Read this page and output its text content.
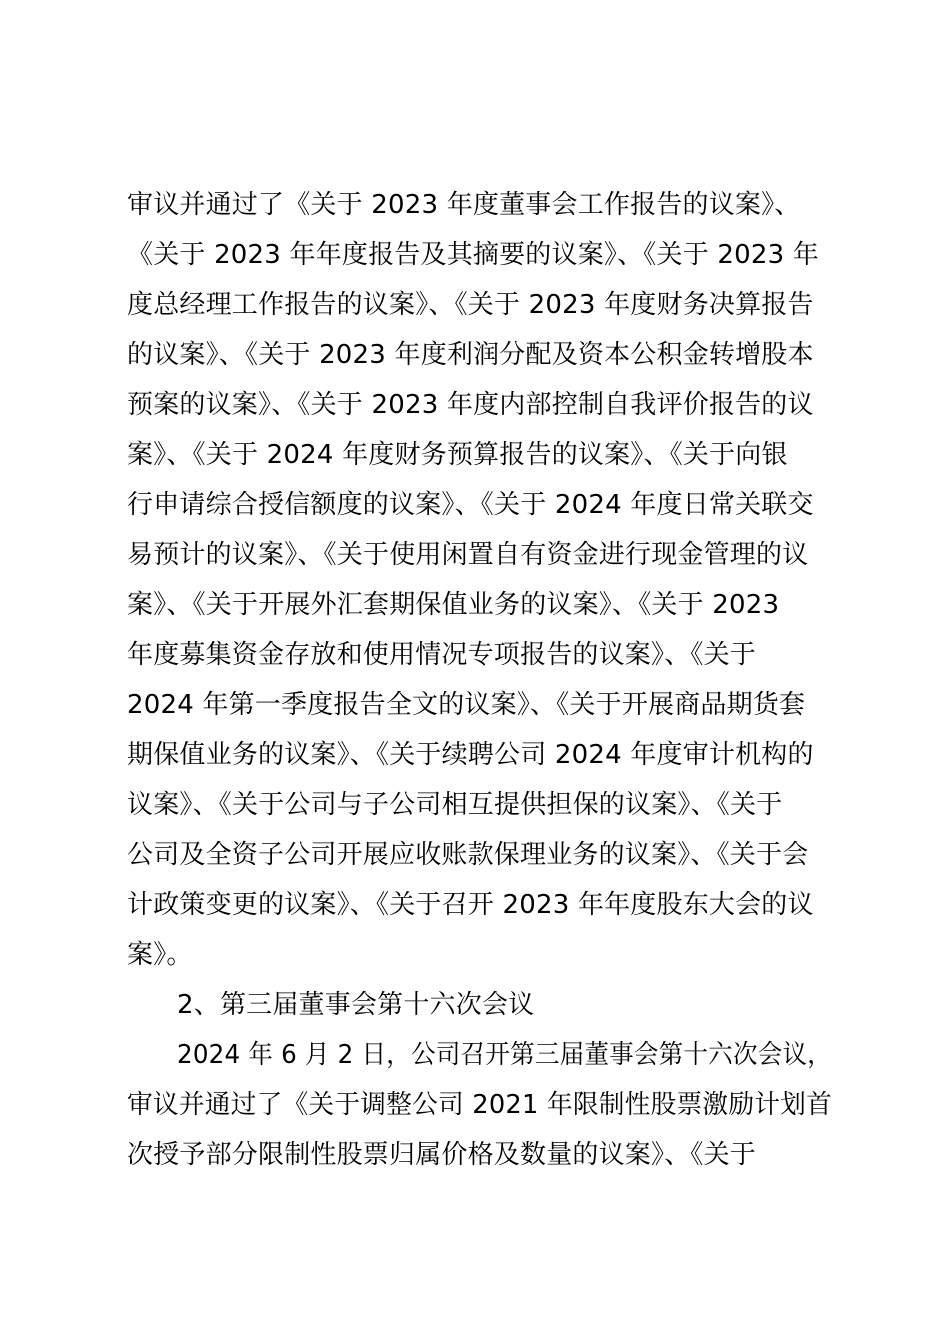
审议并通过了《关于 2023 年度董事会工作报告的议案》、
《关于 2023 年年度报告及其摘要的议案》、《关于 2023 年
度总经理工作报告的议案》、《关于 2023 年度财务决算报告
的议案》、《关于 2023 年度利润分配及资本公积金转增股本
预案的议案》、《关于 2023 年度内部控制自我评价报告的议
案》、《关于 2024 年度财务预算报告的议案》、《关于向银
行申请综合授信额度的议案》、《关于 2024 年度日常关联交
易预计的议案》、《关于使用闲置自有资金进行现金管理的议
案》、《关于开展外汇套期保值业务的议案》、《关于 2023
年度募集资金存放和使用情况专项报告的议案》、《关于
2024 年第一季度报告全文的议案》、《关于开展商品期货套
期保值业务的议案》、《关于续聘公司 2024 年度审计机构的
议案》、《关于公司与子公司相互提供担保的议案》、《关于
公司及全资子公司开展应收账款保理业务的议案》、《关于会
计政策变更的议案》、《关于召开 2023 年年度股东大会的议
案》。
2、第三届董事会第十六次会议
2024 年 6 月 2 日，公司召开第三届董事会第十六次会议，
审议并通过了《关于调整公司 2021 年限制性股票激励计划首
次授予部分限制性股票归属价格及数量的议案》、《关于
